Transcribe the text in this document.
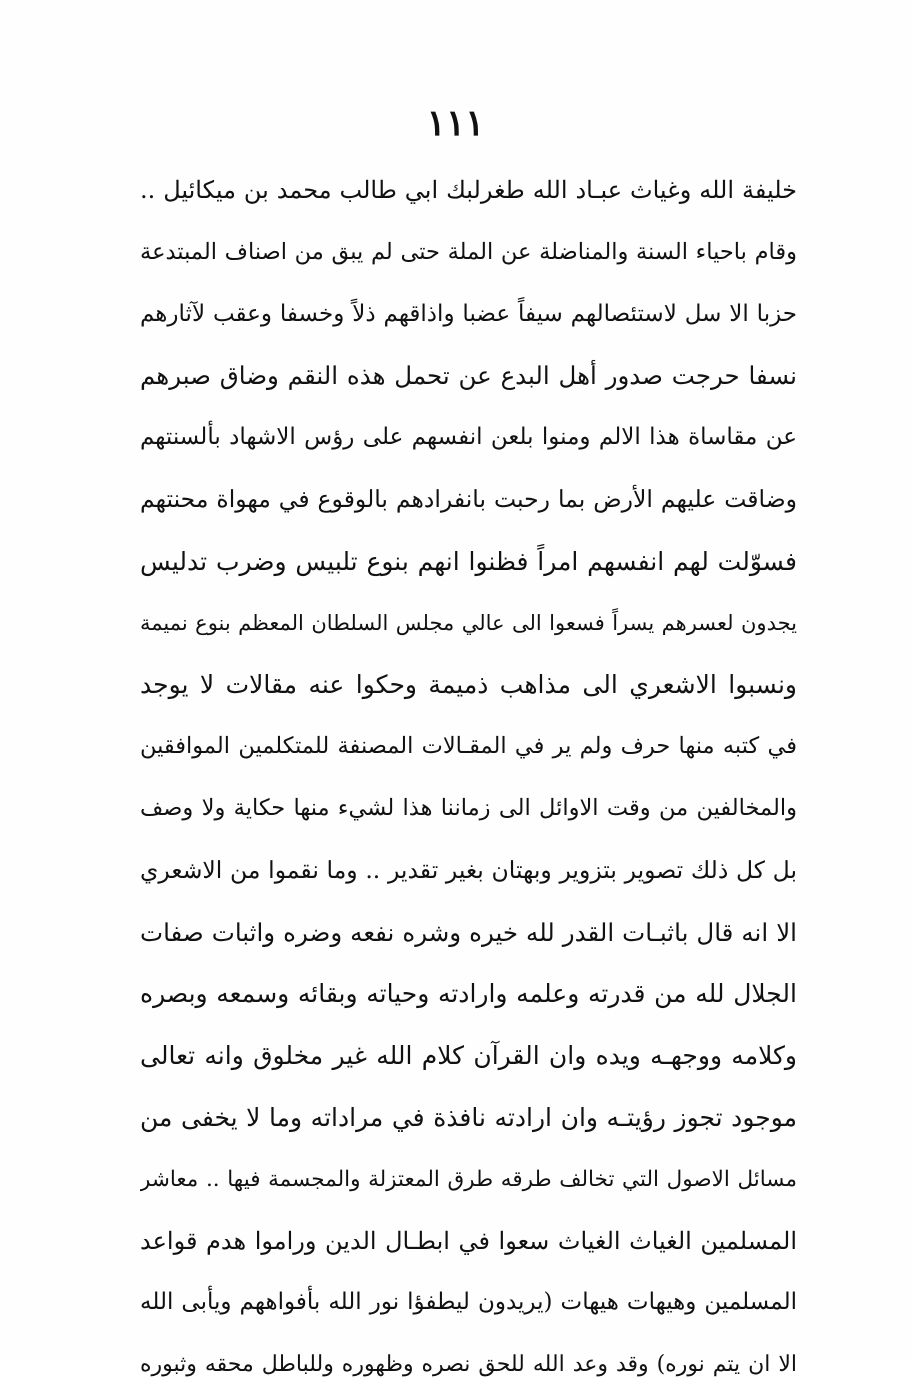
١١١
خليفة الله وغياث عبـاد الله طغرلبك ابي طالب محمد بن ميكائيل ..
وقام باحياء السنة والمناضلة عن الملة حتى لم يبق من اصناف المبتدعة
حزبا الا سل لاستئصالهم سيفاً عضبا واذاقهم ذلاً وخسفا وعقب لآثارهم
نسفا حرجت صدور أهل البدع عن تحمل هذه النقم وضاق صبرهم
عن مقاساة هذا الالم ومنوا بلعن انفسهم على رؤس الاشهاد بألسنتهم
وضاقت عليهم الأرض بما رحبت بانفرادهم بالوقوع في مهواة محنتهم
فسوّلت لهم انفسهم امراً فظنوا انهم بنوع تلبيس وضرب تدليس
يجدون لعسرهم يسراً فسعوا الى عالي مجلس السلطان المعظم بنوع نميمة
ونسبوا الاشعري الى مذاهب ذميمة وحكوا عنه مقالات لا يوجد
في كتبه منها حرف ولم ير في المقـالات المصنفة للمتكلمين الموافقين
والمخالفين من وقت الاوائل الى زماننا هذا لشيء منها حكاية ولا وصف
بل كل ذلك تصوير بتزوير وبهتان بغير تقدير .. وما نقموا من الاشعري
الا انه قال باثبـات القدر لله خيره وشره نفعه وضره واثبات صفات
الجلال لله من قدرته وعلمه وارادته وحياته وبقائه وسمعه وبصره
وكلامه ووجهـه ويده وان القرآن كلام الله غير مخلوق وانه تعالى
موجود تجوز رؤيتـه وان ارادته نافذة في مراداته وما لا يخفى من
مسائل الاصول التي تخالف طرقه طرق المعتزلة والمجسمة فيها .. معاشر
المسلمين الغياث الغياث سعوا في ابطـال الدين وراموا هدم قواعد
المسلمين وهيهات هيهات (يريدون ليطفؤا نور الله بأفواههم ويأبى الله
الا ان يتم نوره) وقد وعد الله للحق نصره وظهوره وللباطل محقه وثبوره
